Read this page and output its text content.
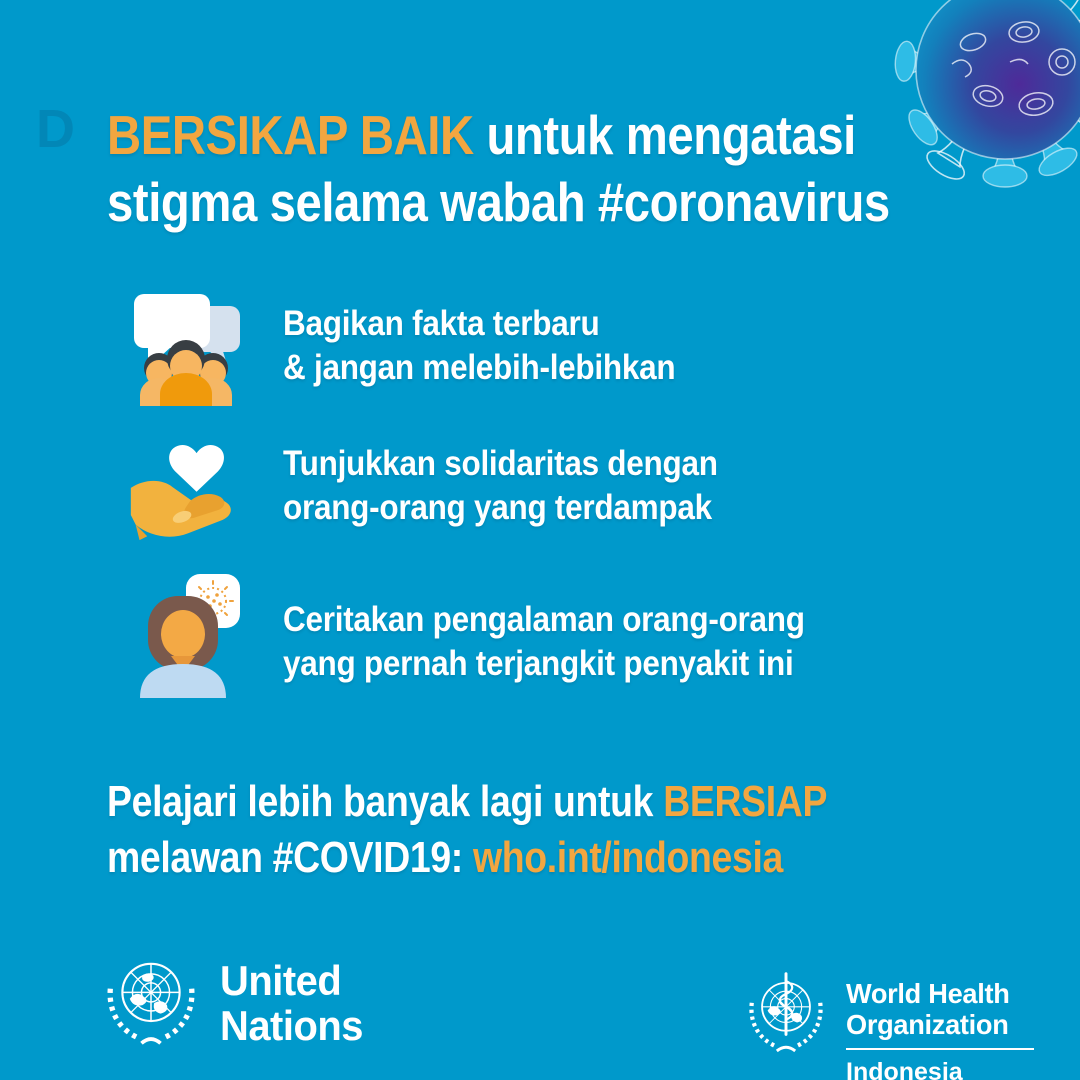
D BERSIKAP BAIK untuk mengatasi
stigma selama wabah #coronavirus
Bagikan fakta terbaru
& jangan melebih-lebihkan
Tunjukkan solidaritas dengan
orang-orang yang terdampak
Ceritakan pengalaman orang-orang
yang pernah terjangkit penyakit ini
Pelajari lebih banyak lagi untuk BERSIAP
melawan #COVID19: who.int/indonesia
United
Nations
World Health
Organization
Indonesia
